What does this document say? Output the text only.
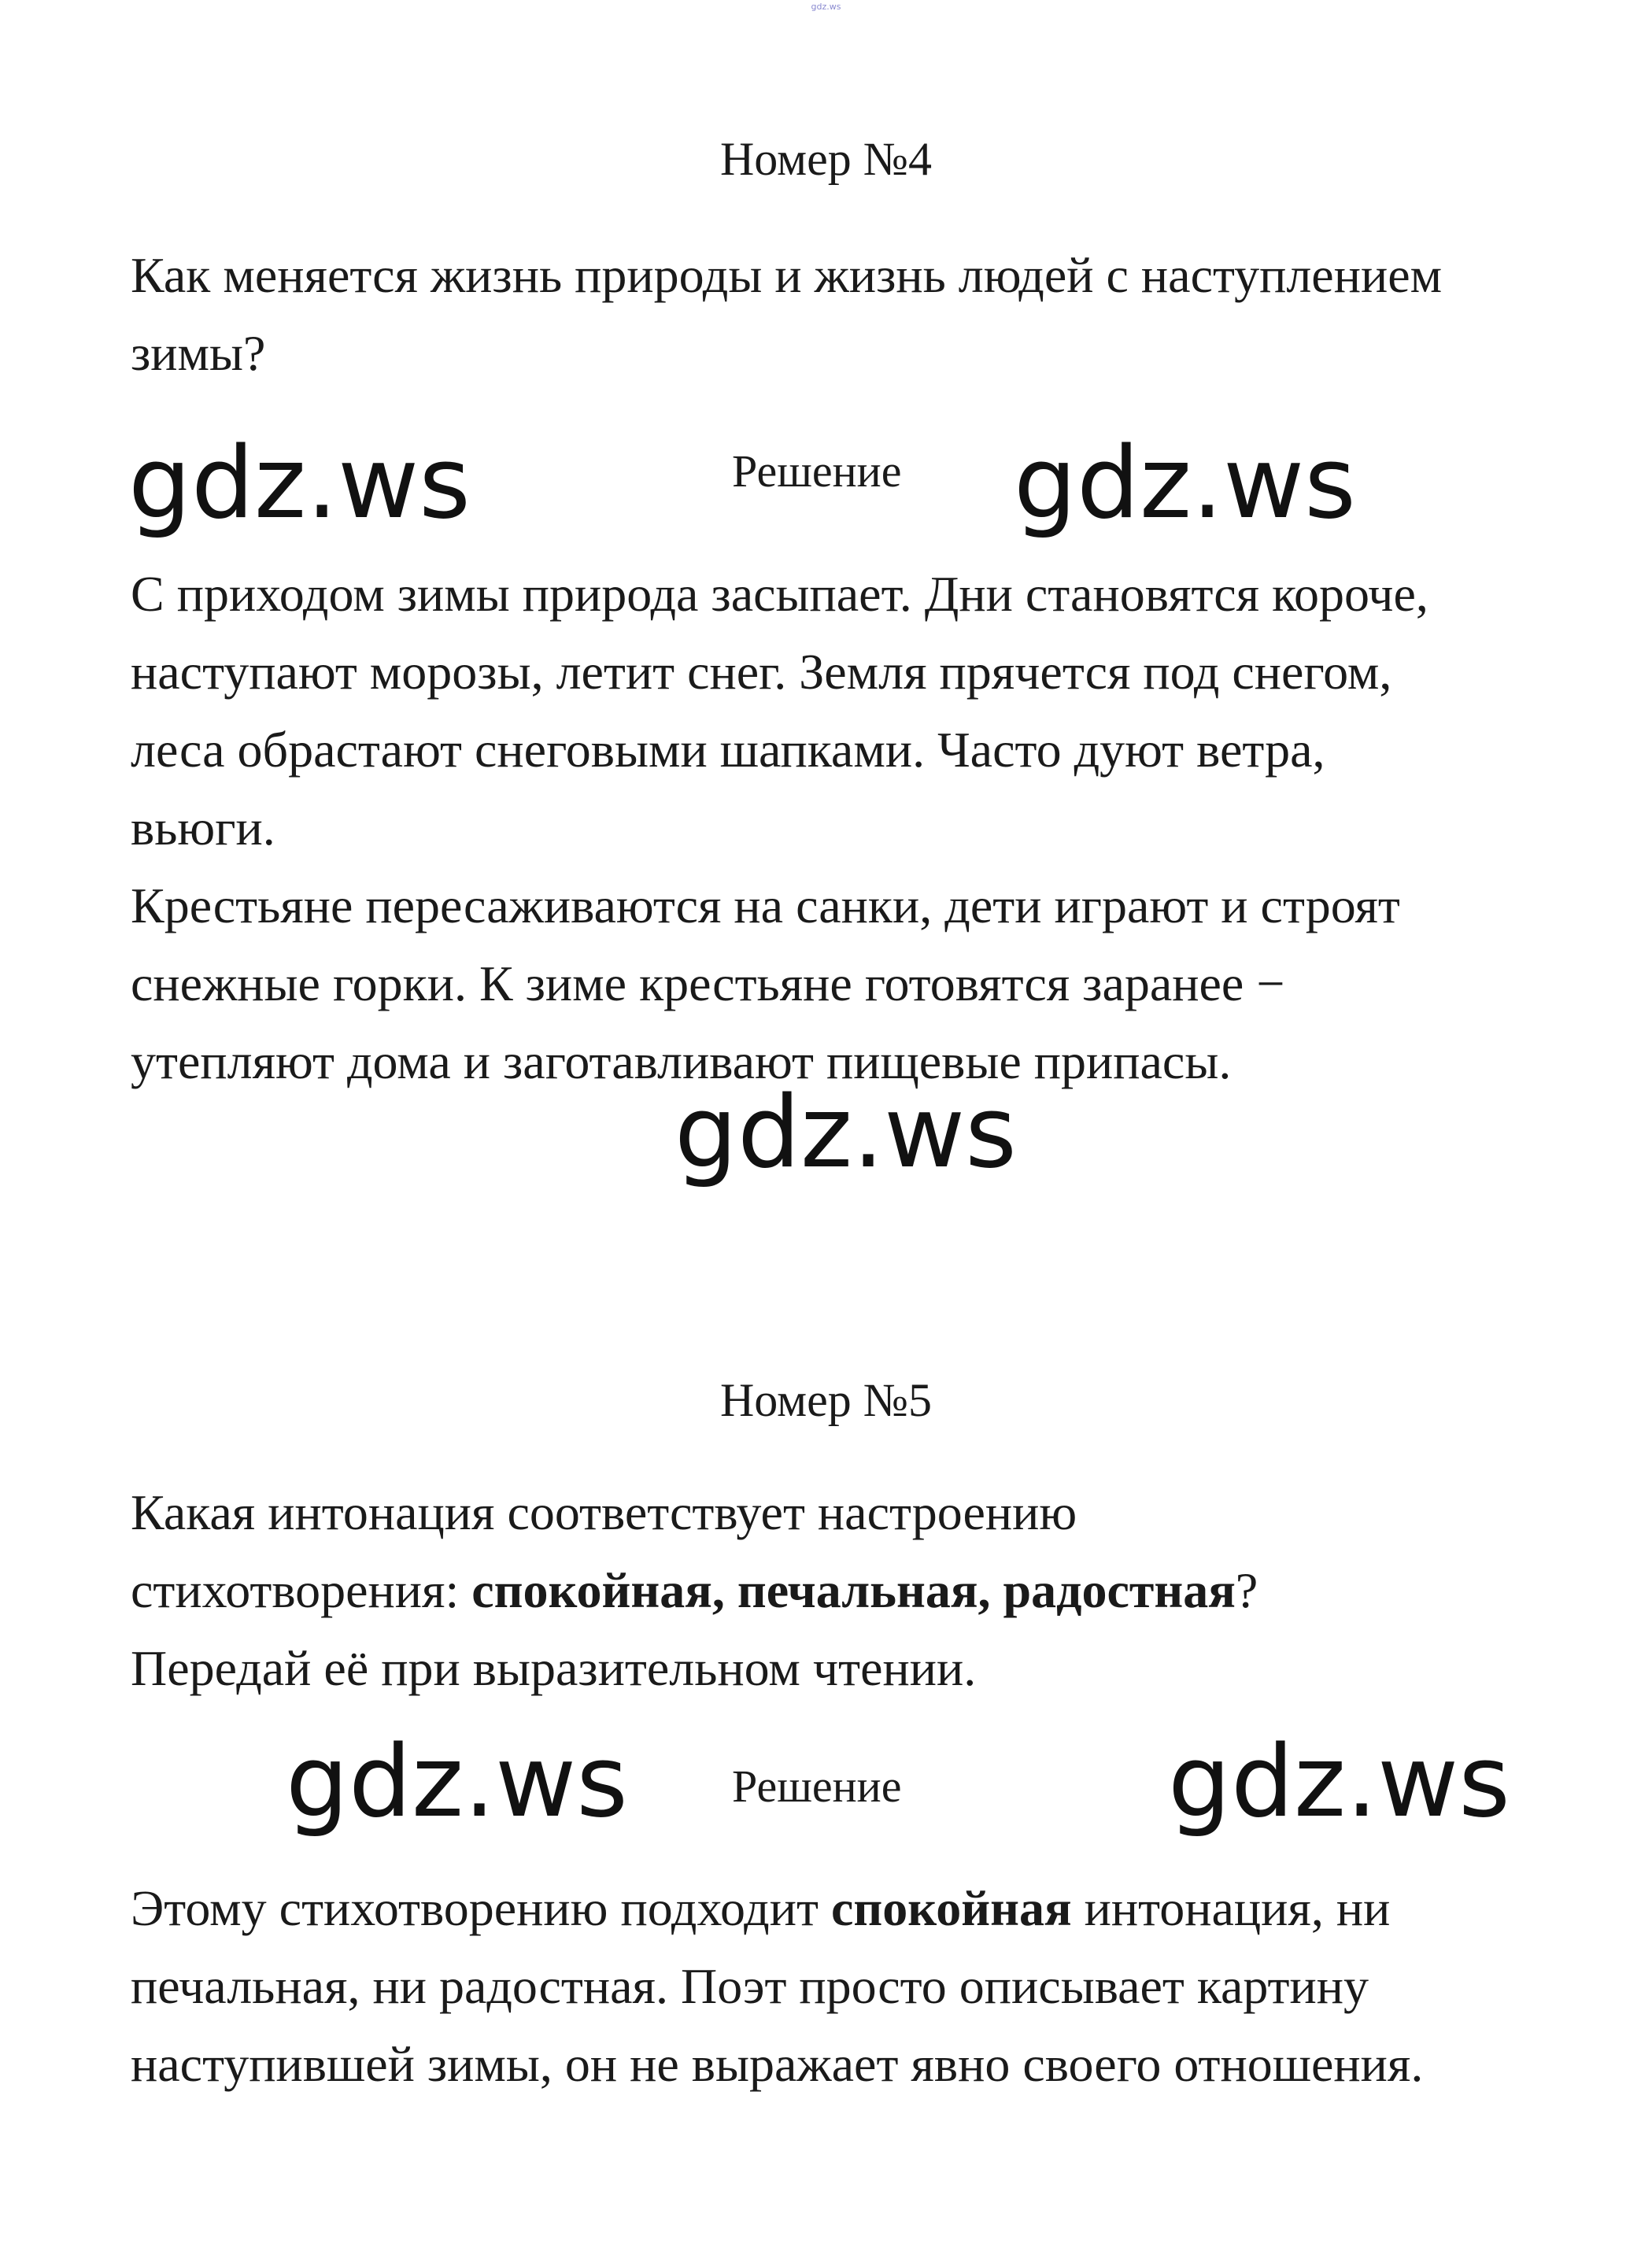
gdz.ws
Номер №4
Как меняется жизнь природы и жизнь людей с наступлением
зимы?
gdz.ws	Решение gdz.ws
С приходом зимы природа засыпает. Дни становятся короче,
наступают морозы, летит снег. Земля прячется под снегом,
леса обрастают снеговыми шапками. Часто дуют ветра,
вьюги.
Крестьяне пересаживаются на санки, дети играют и строят
снежные горки. К зиме крестьяне готовятся заранее −
утепляют дома и заготавливают пищевые припасы.
gdz.ws
Номер №5
Какая интонация соответствует настроению
стихотворения: спокойная, печальная, радостная?
Передай её при выразительном чтении.
gdz.ws Решение	gdz.ws
Этому стихотворению подходит спокойная интонация, ни
печальная, ни радостная. Поэт просто описывает картину
наступившей зимы, он не выражает явно своего отношения.
